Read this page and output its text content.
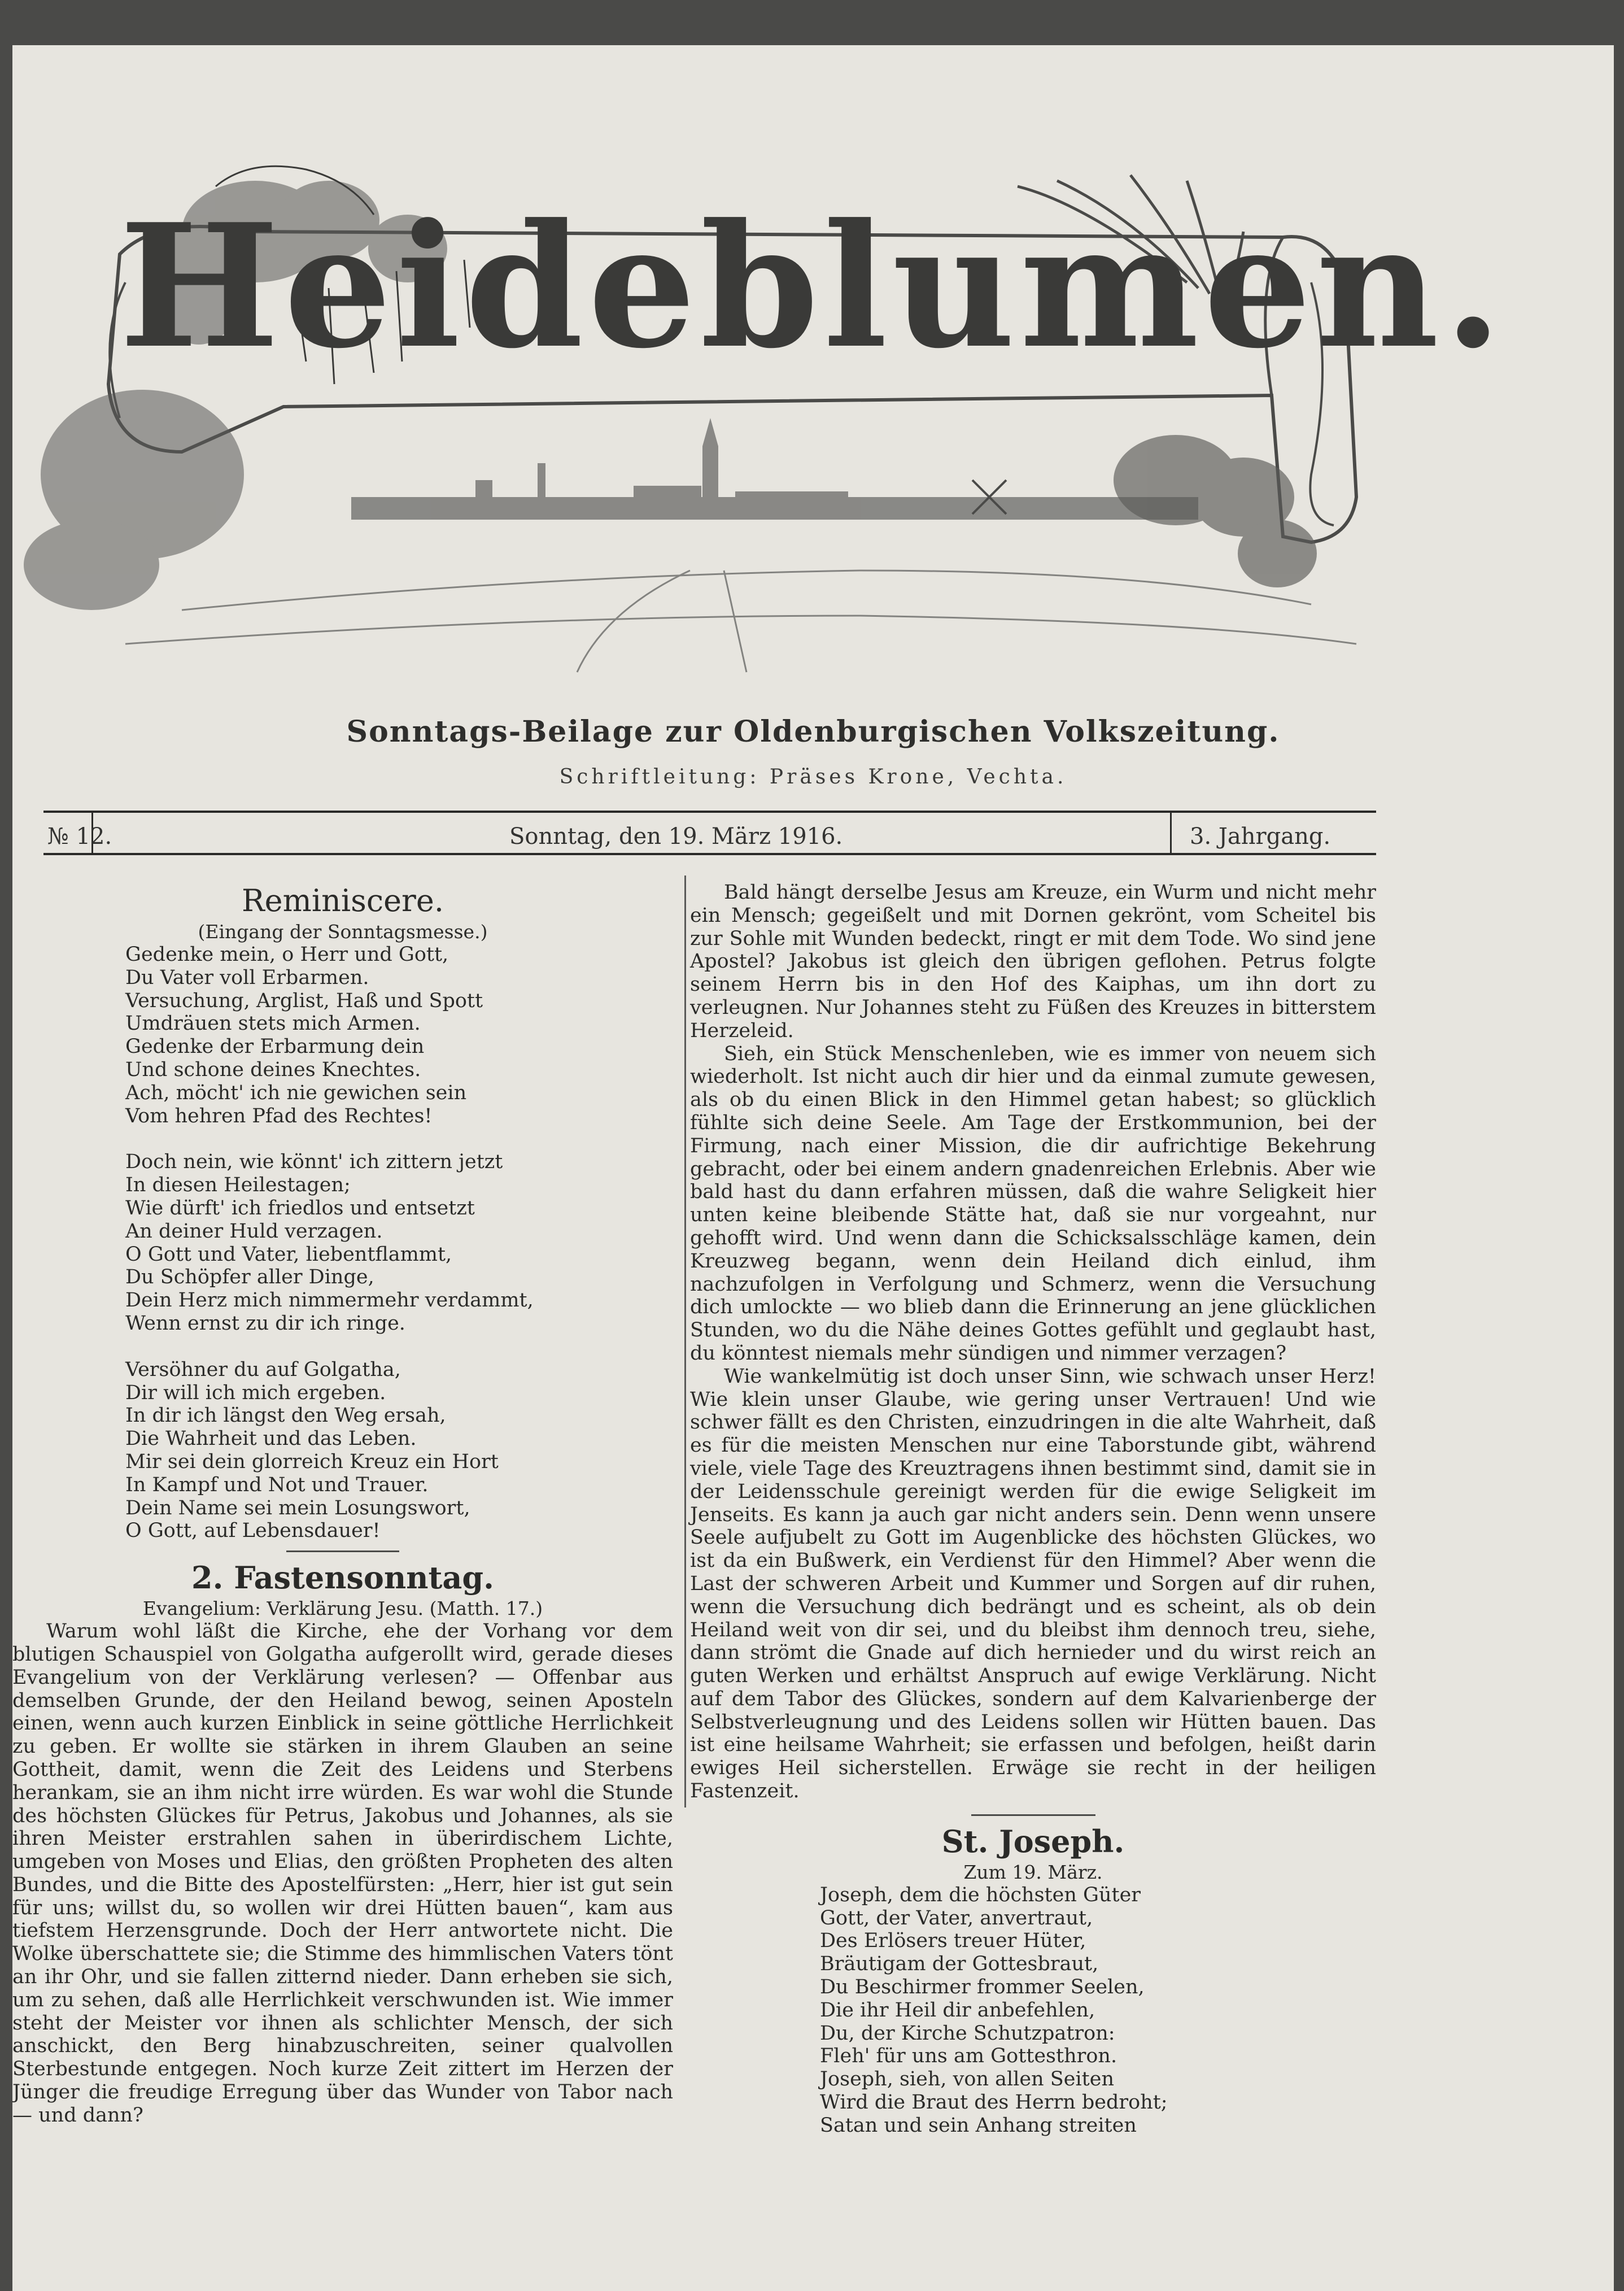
Heideblumen.
Sonntags-Beilage zur Oldenburgischen Volkszeitung.
Schriftleitung: Präses Krone, Vechta.
№ 12.	Sonntag, den 19. März 1916.	3. Jahrgang.
Reminiscere.

(Eingang der Sonntagsmesse.)

Gedenke mein, o Herr und Gott,
Du Vater voll Erbarmen.
Versuchung, Arglist, Haß und Spott
Umdräuen stets mich Armen.
Gedenke der Erbarmung dein
Und schone deines Knechtes.
Ach, möcht' ich nie gewichen sein
Vom hehren Pfad des Rechtes!

Doch nein, wie könnt' ich zittern jetzt
In diesen Heilestagen;
Wie dürft' ich friedlos und entsetzt
An deiner Huld verzagen.
O Gott und Vater, liebentflammt,
Du Schöpfer aller Dinge,
Dein Herz mich nimmermehr verdammt,
Wenn ernst zu dir ich ringe.

Versöhner du auf Golgatha,
Dir will ich mich ergeben.
In dir ich längst den Weg ersah,
Die Wahrheit und das Leben.
Mir sei dein glorreich Kreuz ein Hort
In Kampf und Not und Trauer.
Dein Name sei mein Losungswort,
O Gott, auf Lebensdauer!

2. Fastensonntag.

Evangelium: Verklärung Jesu. (Matth. 17.)

Warum wohl läßt die Kirche, ehe der Vorhang vor dem blutigen Schauspiel von Golgatha aufgerollt wird, gerade dieses Evangelium von der Verklärung verlesen? — Offenbar aus demselben Grunde, der den Heiland bewog, seinen Aposteln einen, wenn auch kurzen Einblick in seine göttliche Herrlichkeit zu geben. Er wollte sie stärken in ihrem Glauben an seine Gottheit, damit, wenn die Zeit des Leidens und Sterbens herankam, sie an ihm nicht irre würden. Es war wohl die Stunde des höchsten Glückes für Petrus, Jakobus und Johannes, als sie ihren Meister erstrahlen sahen in überirdischem Lichte, umgeben von Moses und Elias, den größten Propheten des alten Bundes, und die Bitte des Apostelfürsten: „Herr, hier ist gut sein für uns; willst du, so wollen wir drei Hütten bauen“, kam aus tiefstem Herzensgrunde. Doch der Herr antwortete nicht. Die Wolke überschattete sie; die Stimme des himmlischen Vaters tönt an ihr Ohr, und sie fallen zitternd nieder. Dann erheben sie sich, um zu sehen, daß alle Herrlichkeit verschwunden ist. Wie immer steht der Meister vor ihnen als schlichter Mensch, der sich anschickt, den Berg hinabzuschreiten, seiner qualvollen Sterbestunde entgegen. Noch kurze Zeit zittert im Herzen der Jünger die freudige Erregung über das Wunder von Tabor nach — und dann?

Bald hängt derselbe Jesus am Kreuze, ein Wurm und nicht mehr ein Mensch; gegeißelt und mit Dornen gekrönt, vom Scheitel bis zur Sohle mit Wunden bedeckt, ringt er mit dem Tode. Wo sind jene Apostel? Jakobus ist gleich den übrigen geflohen. Petrus folgte seinem Herrn bis in den Hof des Kaiphas, um ihn dort zu verleugnen. Nur Johannes steht zu Füßen des Kreuzes in bitterstem Herzeleid.

Sieh, ein Stück Menschenleben, wie es immer von neuem sich wiederholt. Ist nicht auch dir hier und da einmal zumute gewesen, als ob du einen Blick in den Himmel getan habest; so glücklich fühlte sich deine Seele. Am Tage der Erstkommunion, bei der Firmung, nach einer Mission, die dir aufrichtige Bekehrung gebracht, oder bei einem andern gnadenreichen Erlebnis. Aber wie bald hast du dann erfahren müssen, daß die wahre Seligkeit hier unten keine bleibende Stätte hat, daß sie nur vorgeahnt, nur gehofft wird. Und wenn dann die Schicksalsschläge kamen, dein Kreuzweg begann, wenn dein Heiland dich einlud, ihm nachzufolgen in Verfolgung und Schmerz, wenn die Versuchung dich umlockte — wo blieb dann die Erinnerung an jene glücklichen Stunden, wo du die Nähe deines Gottes gefühlt und geglaubt hast, du könntest niemals mehr sündigen und nimmer verzagen?

Wie wankelmütig ist doch unser Sinn, wie schwach unser Herz! Wie klein unser Glaube, wie gering unser Vertrauen! Und wie schwer fällt es den Christen, einzudringen in die alte Wahrheit, daß es für die meisten Menschen nur eine Taborstunde gibt, während viele, viele Tage des Kreuztragens ihnen bestimmt sind, damit sie in der Leidensschule gereinigt werden für die ewige Seligkeit im Jenseits. Es kann ja auch gar nicht anders sein. Denn wenn unsere Seele aufjubelt zu Gott im Augenblicke des höchsten Glückes, wo ist da ein Bußwerk, ein Verdienst für den Himmel? Aber wenn die Last der schweren Arbeit und Kummer und Sorgen auf dir ruhen, wenn die Versuchung dich bedrängt und es scheint, als ob dein Heiland weit von dir sei, und du bleibst ihm dennoch treu, siehe, dann strömt die Gnade auf dich hernieder und du wirst reich an guten Werken und erhältst Anspruch auf ewige Verklärung. Nicht auf dem Tabor des Glückes, sondern auf dem Kalvarienberge der Selbstverleugnung und des Leidens sollen wir Hütten bauen. Das ist eine heilsame Wahrheit; sie erfassen und befolgen, heißt darin ewiges Heil sicherstellen. Erwäge sie recht in der heiligen Fastenzeit.

St. Joseph.

Zum 19. März.

Joseph, dem die höchsten Güter
Gott, der Vater, anvertraut,
Des Erlösers treuer Hüter,
Bräutigam der Gottesbraut,
Du Beschirmer frommer Seelen,
Die ihr Heil dir anbefehlen,
Du, der Kirche Schutzpatron:
Fleh' für uns am Gottesthron.

Joseph, sieh, von allen Seiten
Wird die Braut des Herrn bedroht;
Satan und sein Anhang streiten
